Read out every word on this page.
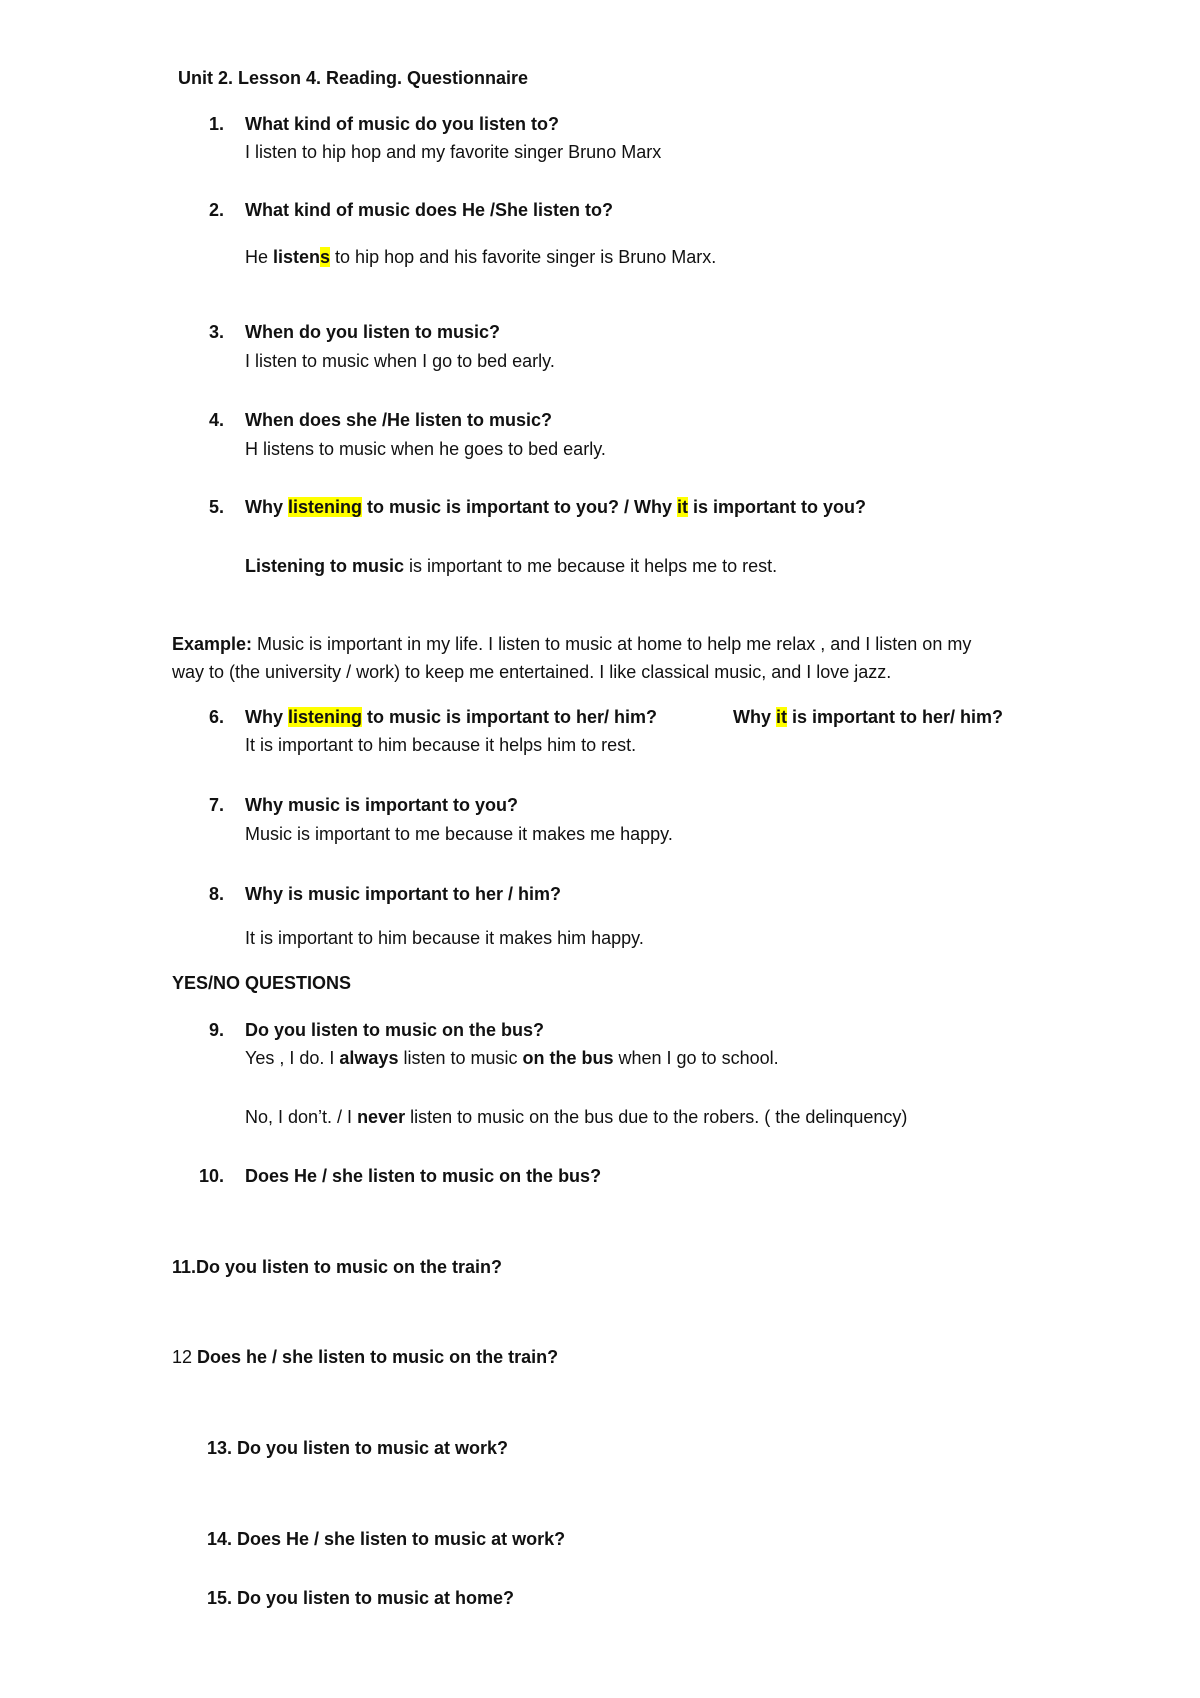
Unit 2. Lesson 4. Reading. Questionnaire
1. What kind of music do you listen to?
I listen to hip hop and my favorite singer Bruno Marx
2. What kind of music does He /She listen to?
He listens to hip hop and his favorite singer is Bruno Marx.
3. When do you listen to music?
I listen to music when I go to bed early.
4. When does she /He listen to music?
H listens to music when he goes to bed early.
5. Why listening to music is important to you? / Why it is important to you?
Listening to music is important to me because it helps me to rest.
Example: Music is important in my life. I listen to music at home to help me relax , and I listen on my
way to (the university / work) to keep me entertained. I like classical music, and I love jazz.
6. Why listening to music is important to her/ him?	Why it is important to her/ him?
It is important to him because it helps him to rest.
7. Why music is important to you?
Music is important to me because it makes me happy.
8. Why is music important to her / him?
It is important to him because it makes him happy.
YES/NO QUESTIONS
9. Do you listen to music on the bus?
Yes , I do. I always listen to music on the bus when I go to school.
No, I don’t. / I never listen to music on the bus due to the robers. ( the delinquency)
10. Does He / she listen to music on the bus?
11.Do you listen to music on the train?
12 Does he / she listen to music on the train?
13. Do you listen to music at work?
14. Does He / she listen to music at work?
15. Do you listen to music at home?
